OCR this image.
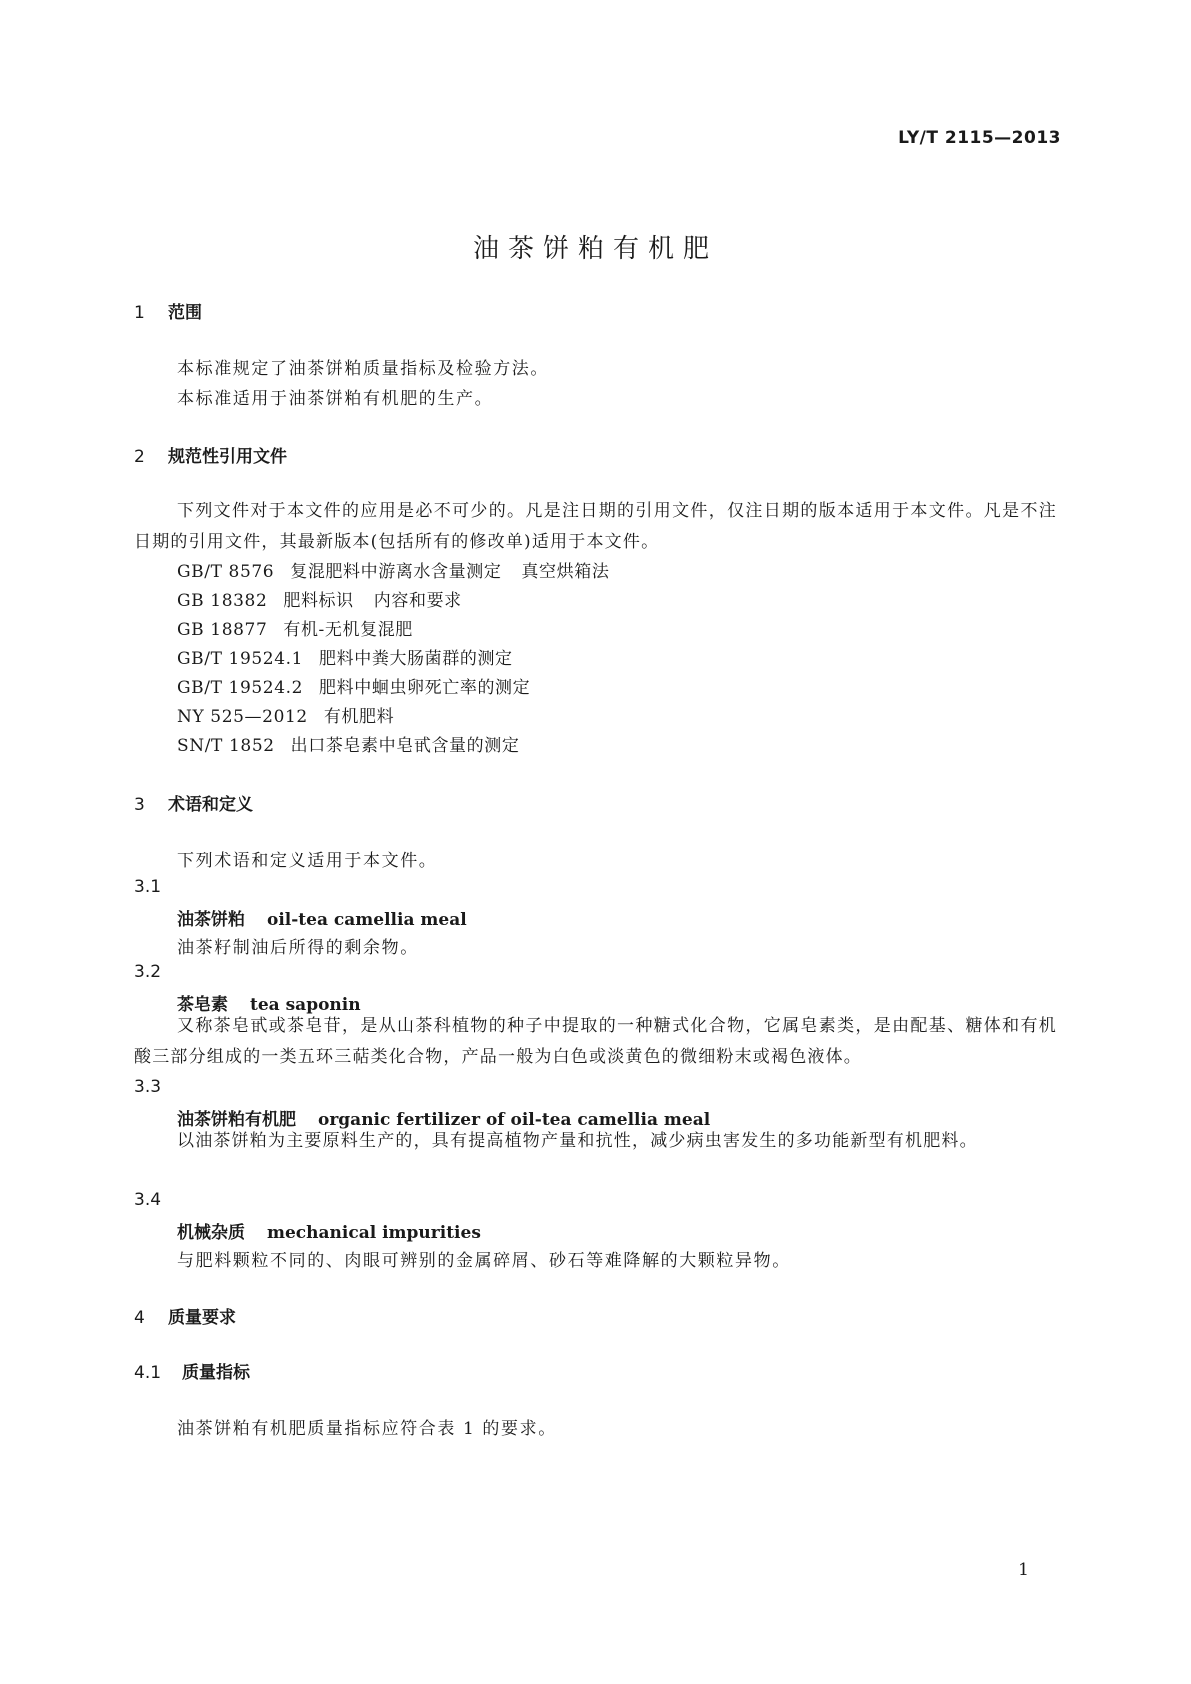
LY/T 2115—2013
油茶饼粕有机肥
1 范围
本标准规定了油茶饼粕质量指标及检验方法。
本标准适用于油茶饼粕有机肥的生产。
2 规范性引用文件
下列文件对于本文件的应用是必不可少的。凡是注日期的引用文件，仅注日期的版本适用于本文件。凡是不注日期的引用文件，其最新版本(包括所有的修改单)适用于本文件。
GB/T 8576 复混肥料中游离水含量测定 真空烘箱法
GB 18382 肥料标识 内容和要求
GB 18877 有机-无机复混肥
GB/T 19524.1 肥料中粪大肠菌群的测定
GB/T 19524.2 肥料中蛔虫卵死亡率的测定
NY 525—2012 有机肥料
SN/T 1852 出口茶皂素中皂甙含量的测定
3 术语和定义
下列术语和定义适用于本文件。
3.1
油茶饼粕 oil-tea camellia meal
油茶籽制油后所得的剩余物。
3.2
茶皂素 tea saponin
又称茶皂甙或茶皂苷，是从山茶科植物的种子中提取的一种糖式化合物，它属皂素类，是由配基、糖体和有机酸三部分组成的一类五环三萜类化合物，产品一般为白色或淡黄色的微细粉末或褐色液体。
3.3
油茶饼粕有机肥 organic fertilizer of oil-tea camellia meal
以油茶饼粕为主要原料生产的，具有提高植物产量和抗性，减少病虫害发生的多功能新型有机肥料。
3.4
机械杂质 mechanical impurities
与肥料颗粒不同的、肉眼可辨别的金属碎屑、砂石等难降解的大颗粒异物。
4 质量要求
4.1 质量指标
油茶饼粕有机肥质量指标应符合表 1 的要求。
1
